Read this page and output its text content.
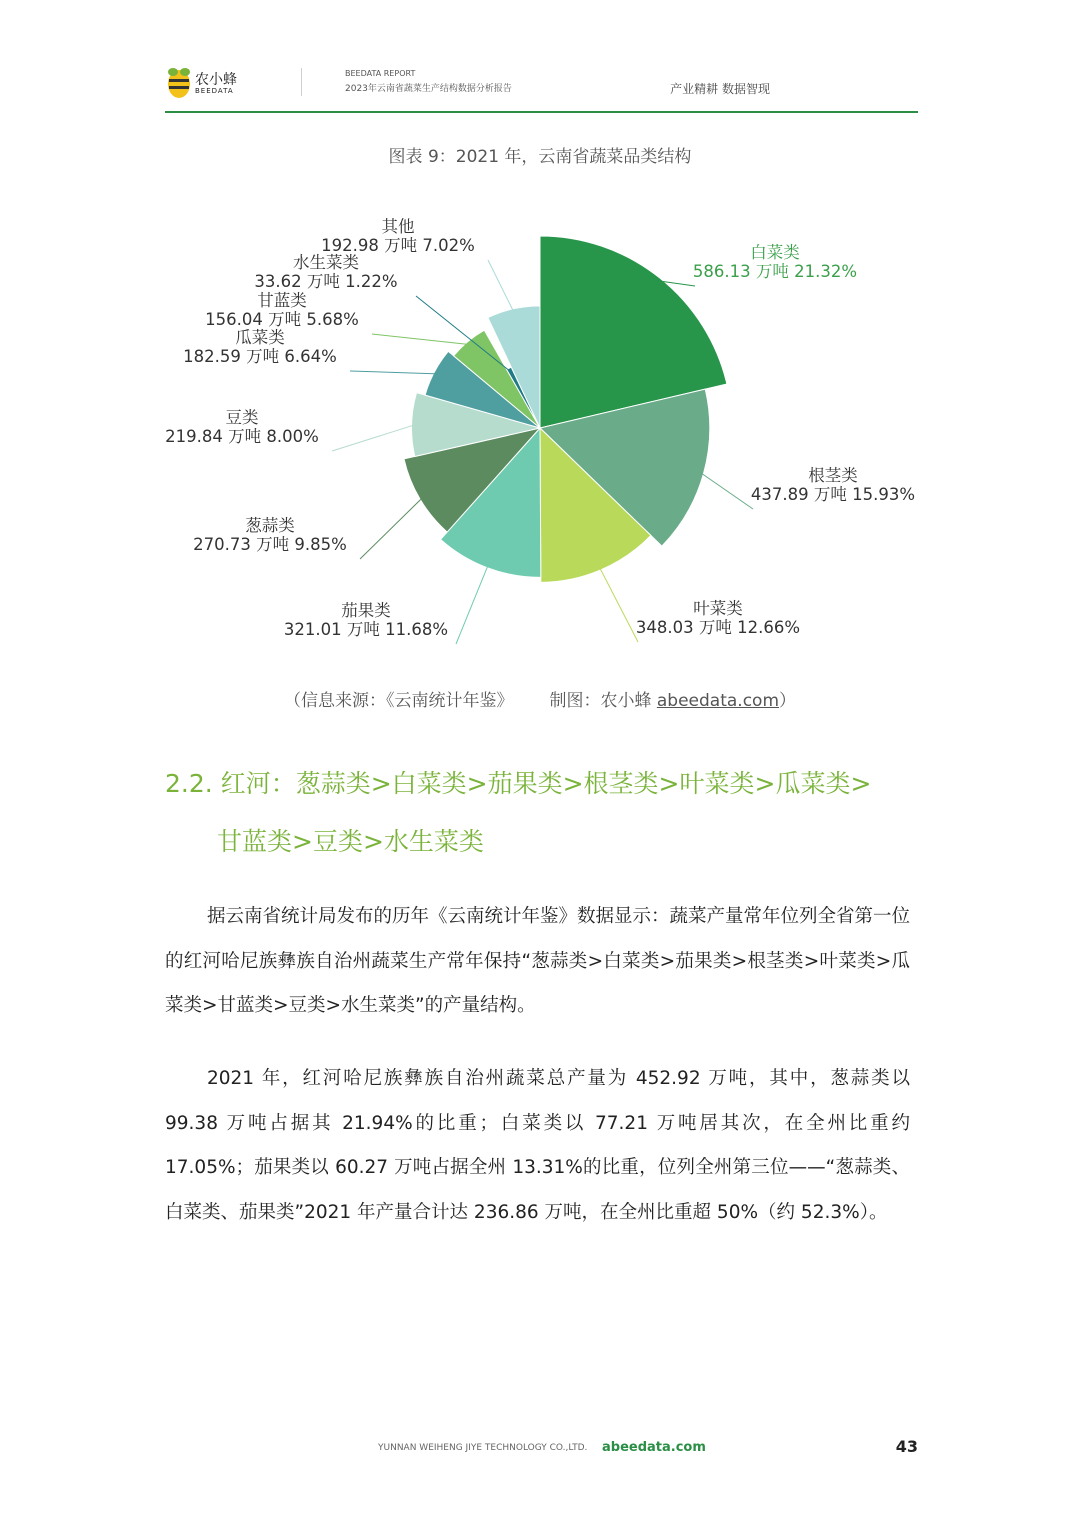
农小蜂
BEEDATA
BEEDATA REPORT
2023年云南省蔬菜生产结构数据分析报告	产业精耕 数据智现
图表 9：2021 年，云南省蔬菜品类结构
白菜类
586.13 万吨 21.32%
根茎类
437.89 万吨 15.93%
叶菜类
348.03 万吨 12.66%
茄果类
321.01 万吨 11.68%
葱蒜类
270.73 万吨 9.85%
豆类
219.84 万吨 8.00%
瓜菜类
182.59 万吨 6.64%
甘蓝类
156.04 万吨 5.68%
水生菜类
33.62 万吨 1.22%
其他
192.98 万吨 7.02%
（信息来源：《云南统计年鉴》 制图：农小蜂 abeedata.com）
2.2. 红河：葱蒜类>白菜类>茄果类>根茎类>叶菜类>瓜菜类>
甘蓝类>豆类>水生菜类

据云南省统计局发布的历年《云南统计年鉴》数据显示：蔬菜产量常年位列全省第一位的红河哈尼族彝族自治州蔬菜生产常年保持“葱蒜类>白菜类>茄果类>根茎类>叶菜类>瓜菜类>甘蓝类>豆类>水生菜类”的产量结构。

2021 年，红河哈尼族彝族自治州蔬菜总产量为 452.92 万吨，其中，葱蒜类以 99.38 万吨占据其 21.94%的比重；白菜类以 77.21 万吨居其次，在全州比重约 17.05%；茄果类以 60.27 万吨占据全州 13.31%的比重，位列全州第三位——“葱蒜类、白菜类、茄果类”2021 年产量合计达 236.86 万吨，在全州比重超 50%（约 52.3%）。

YUNNAN WEIHENG JIYE TECHNOLOGY CO.,LTD. abeedata.com	43
